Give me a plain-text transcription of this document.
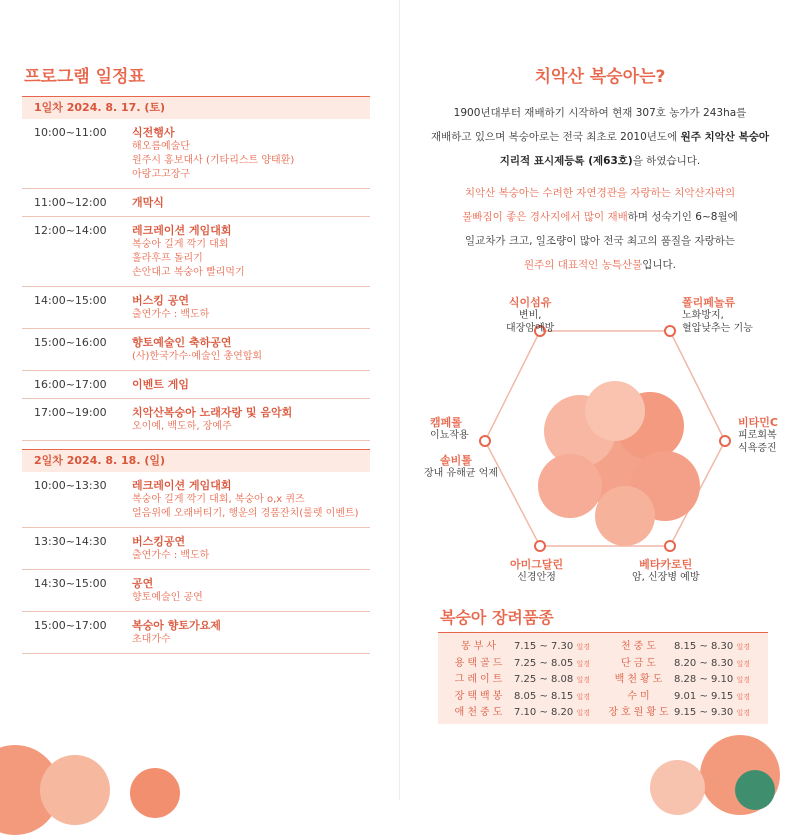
프로그램 일정표
1일차 2024. 8. 17. (토)
10:00~11:00	식전행사
해오름예술단
원주시 홍보대사 (기타리스트 양태환)
아랑고고장구
11:00~12:00	개막식
12:00~14:00	레크레이션 게임대회
복숭아 길게 깍기 대회
훌라후프 돌리기
손안대고 복숭아 빨리먹기
14:00~15:00	버스킹 공연
출연가수 : 백도하
15:00~16:00	향토예술인 축하공연
(사)한국가수·예술인 총연합회
16:00~17:00	이벤트 게임
17:00~19:00	치악산복숭아 노래자랑 및 음악회
오이예, 백도하, 장예주
2일차 2024. 8. 18. (일)
10:00~13:30	레크레이션 게임대회
복숭아 길게 깍기 대회, 복숭아 o,x 퀴즈
얼음위에 오래버티기, 행운의 경품잔치(룰렛 이벤트)
13:30~14:30	버스킹공연
출연가수 : 백도하
14:30~15:00	공연
향토예술인 공연
15:00~17:00	복숭아 향토가요제
초대가수
치악산 복숭아는?
1900년대부터 재배하기 시작하여 현재 307호 농가가 243ha를
재배하고 있으며 복숭아로는 전국 최초로 2010년도에 원주 치악산 복숭아
지리적 표시제등록 (제63호)을 하였습니다.
치악산 복숭아는 수려한 자연경관을 자랑하는 치악산자락의
물빠짐이 좋은 경사지에서 많이 재배하며 성숙기인 6~8월에
일교차가 크고, 일조량이 많아 전국 최고의 품질을 자랑하는
원주의 대표적인 농특산물입니다.
식이섬유
변비,
대장암예방
폴리페놀류
노화방지,
혈압낮추는 기능
캠페롤
이뇨작용
솔비톨
장내 유해균 억제
비타민C
피로회복
식욕증진
아미그달린
신경안정
베타카로틴
암, 신장병 예방
복숭아 장려품종
몽부사	7.15 ~ 7.30 일경	천중도	8.15 ~ 8.30 일경
용택골드 7.25 ~ 8.05 일경	단금도	8.20 ~ 8.30 일경
그레이트 7.25 ~ 8.08 일경	백천황도 8.28 ~ 9.10 일경
장택백봉 8.05 ~ 8.15 일경	수미	9.01 ~ 9.15 일경
애천중도 7.10 ~ 8.20 일경 장호원황도 9.15 ~ 9.30 일경
